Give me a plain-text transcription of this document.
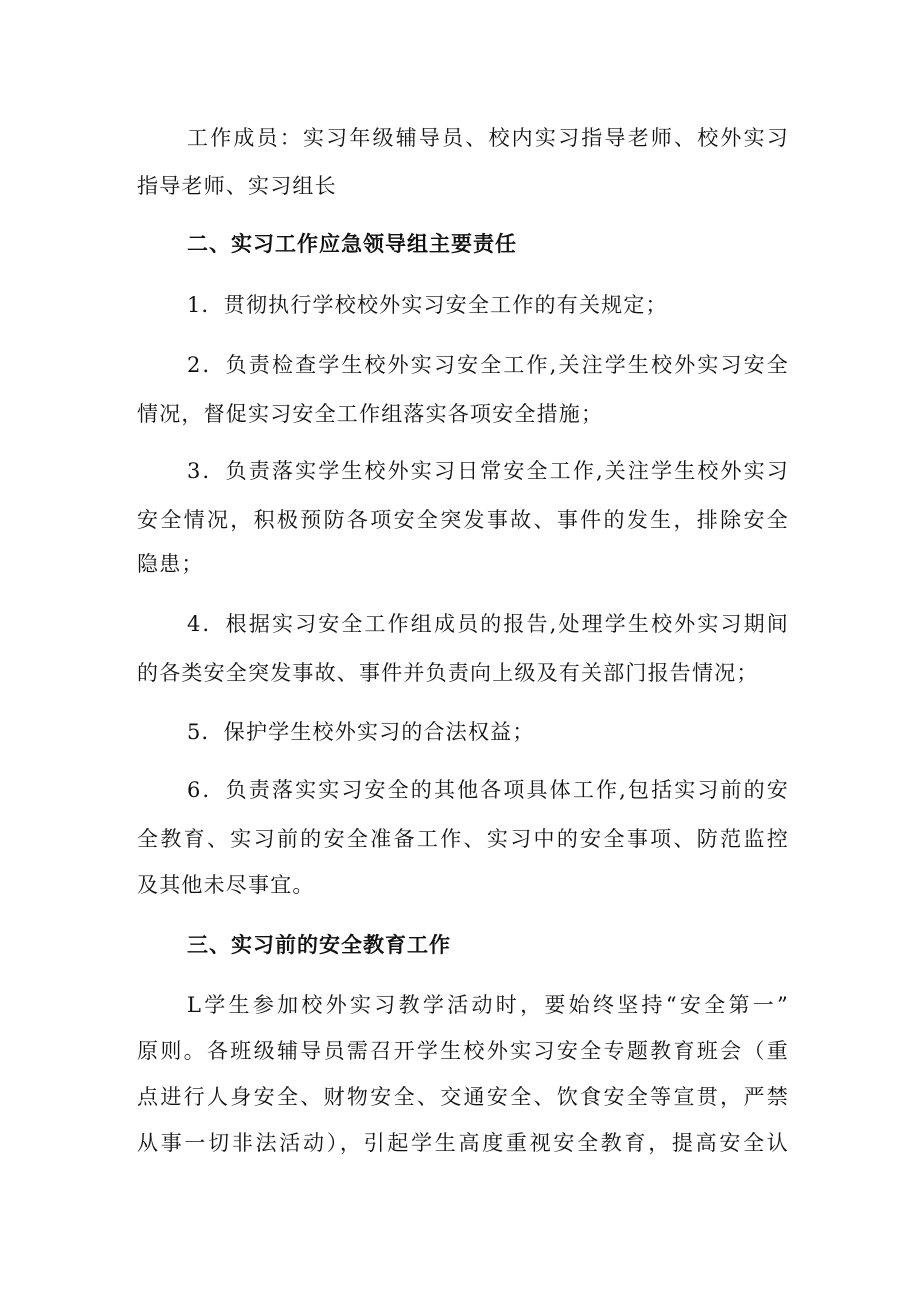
工作成员：实习年级辅导员、校内实习指导老师、校外实习
指导老师、实习组长
二、实习工作应急领导组主要责任
1．贯彻执行学校校外实习安全工作的有关规定；
2．负责检查学生校外实习安全工作,关注学生校外实习安全
情况，督促实习安全工作组落实各项安全措施；
3．负责落实学生校外实习日常安全工作,关注学生校外实习
安全情况，积极预防各项安全突发事故、事件的发生，排除安全
隐患；
4．根据实习安全工作组成员的报告,处理学生校外实习期间
的各类安全突发事故、事件并负责向上级及有关部门报告情况；
5．保护学生校外实习的合法权益；
6．负责落实实习安全的其他各项具体工作,包括实习前的安
全教育、实习前的安全准备工作、实习中的安全事项、防范监控
及其他未尽事宜。
三、实习前的安全教育工作
L学生参加校外实习教学活动时，要始终坚持“安全第一”
原则。各班级辅导员需召开学生校外实习安全专题教育班会（重
点进行人身安全、财物安全、交通安全、饮食安全等宣贯，严禁
从事一切非法活动），引起学生高度重视安全教育，提高安全认
